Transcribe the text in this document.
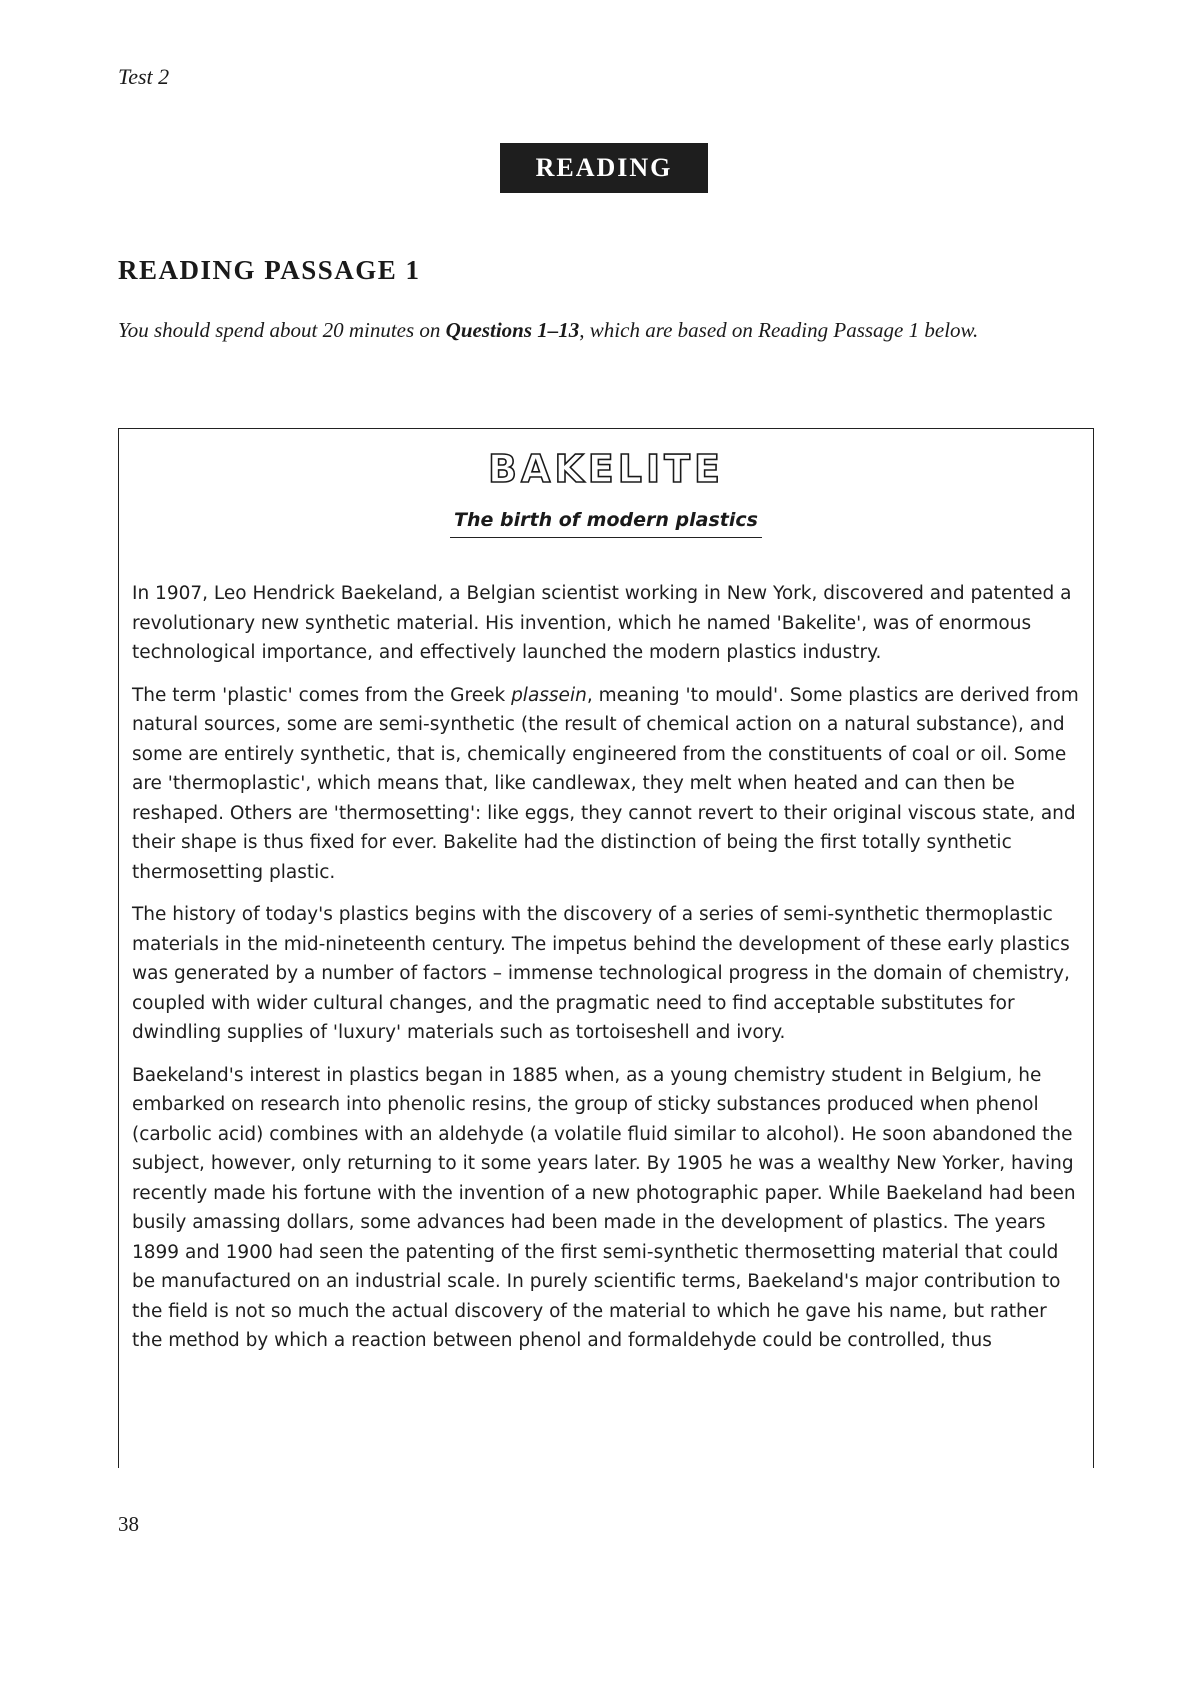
Test 2
READING
READING PASSAGE 1
You should spend about 20 minutes on Questions 1–13, which are based on Reading Passage 1 below.
BAKELITE
The birth of modern plastics

In 1907, Leo Hendrick Baekeland, a Belgian scientist working in New York, discovered and patented a revolutionary new synthetic material. His invention, which he named 'Bakelite', was of enormous technological importance, and effectively launched the modern plastics industry.

The term 'plastic' comes from the Greek plassein, meaning 'to mould'. Some plastics are derived from natural sources, some are semi-synthetic (the result of chemical action on a natural substance), and some are entirely synthetic, that is, chemically engineered from the constituents of coal or oil. Some are 'thermoplastic', which means that, like candlewax, they melt when heated and can then be reshaped. Others are 'thermosetting': like eggs, they cannot revert to their original viscous state, and their shape is thus fixed for ever. Bakelite had the distinction of being the first totally synthetic thermosetting plastic.

The history of today's plastics begins with the discovery of a series of semi-synthetic thermoplastic materials in the mid-nineteenth century. The impetus behind the development of these early plastics was generated by a number of factors – immense technological progress in the domain of chemistry, coupled with wider cultural changes, and the pragmatic need to find acceptable substitutes for dwindling supplies of 'luxury' materials such as tortoiseshell and ivory.

Baekeland's interest in plastics began in 1885 when, as a young chemistry student in Belgium, he embarked on research into phenolic resins, the group of sticky substances produced when phenol (carbolic acid) combines with an aldehyde (a volatile fluid similar to alcohol). He soon abandoned the subject, however, only returning to it some years later. By 1905 he was a wealthy New Yorker, having recently made his fortune with the invention of a new photographic paper. While Baekeland had been busily amassing dollars, some advances had been made in the development of plastics. The years 1899 and 1900 had seen the patenting of the first semi-synthetic thermosetting material that could be manufactured on an industrial scale. In purely scientific terms, Baekeland's major contribution to the field is not so much the actual discovery of the material to which he gave his name, but rather the method by which a reaction between phenol and formaldehyde could be controlled, thus

38
